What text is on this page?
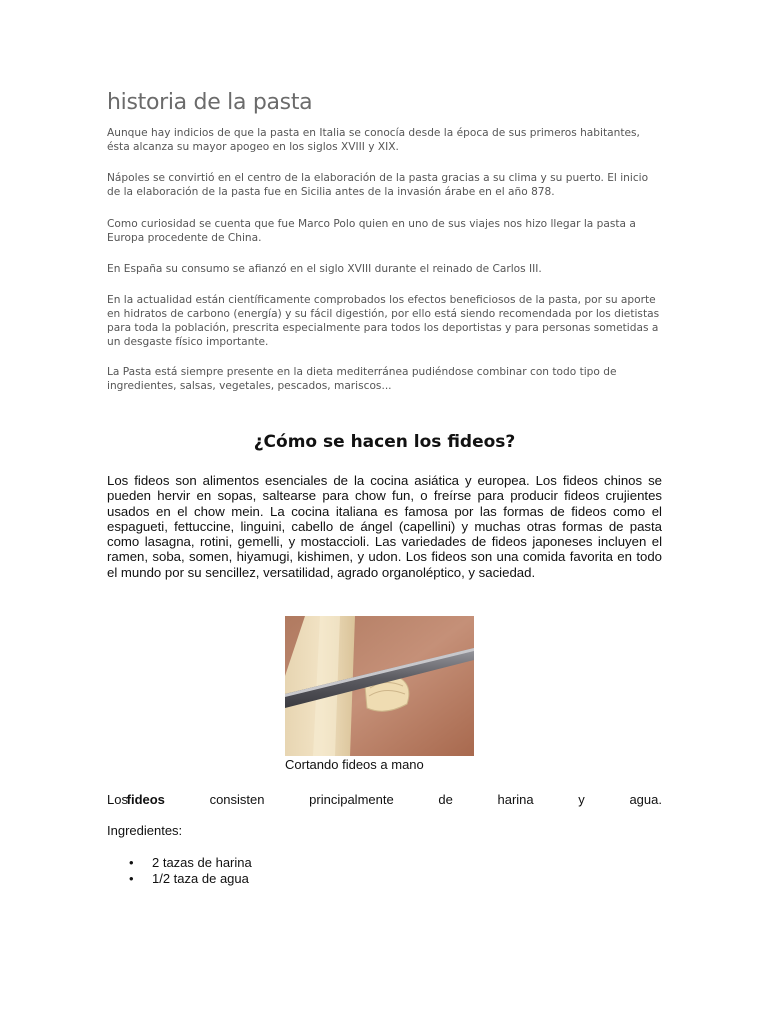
historia de la pasta

Aunque hay indicios de que la pasta en Italia se conocía desde la época de sus primeros habitantes, ésta alcanza su mayor apogeo en los siglos XVIII y XIX.

Nápoles se convirtió en el centro de la elaboración de la pasta gracias a su clima y su puerto. El inicio de la elaboración de la pasta fue en Sicilia antes de la invasión árabe en el año 878.

Como curiosidad se cuenta que fue Marco Polo quien en uno de sus viajes nos hizo llegar la pasta a Europa procedente de China.

En España su consumo se afianzó en el siglo XVIII durante el reinado de Carlos III.

En la actualidad están científicamente comprobados los efectos beneficiosos de la pasta, por su aporte en hidratos de carbono (energía) y su fácil digestión, por ello está siendo recomendada por los dietistas para toda la población, prescrita especialmente para todos los deportistas y para personas sometidas a un desgaste físico importante.

La Pasta está siempre presente en la dieta mediterránea pudiéndose combinar con todo tipo de ingredientes, salsas, vegetales, pescados, mariscos...

¿Cómo se hacen los fideos?

Los fideos son alimentos esenciales de la cocina asiática y europea. Los fideos chinos se pueden hervir en sopas, saltearse para chow fun, o freírse para producir fideos crujientes usados en el chow mein. La cocina italiana es famosa por las formas de fideos como el espagueti, fettuccine, linguini, cabello de ángel (capellini) y muchas otras formas de pasta como lasagna, rotini, gemelli, y mostaccioli. Las variedades de fideos japoneses incluyen el ramen, soba, somen, hiyamugi, kishimen, y udon. Los fideos son una comida favorita en todo el mundo por su sencillez, versatilidad, agrado organoléptico, y saciedad.

Cortando fideos a mano
Los
fideos	consisten	principalmente	de	harina	y	agua.
Ingredientes:
• 2 tazas de harina
• 1/2 taza de agua
